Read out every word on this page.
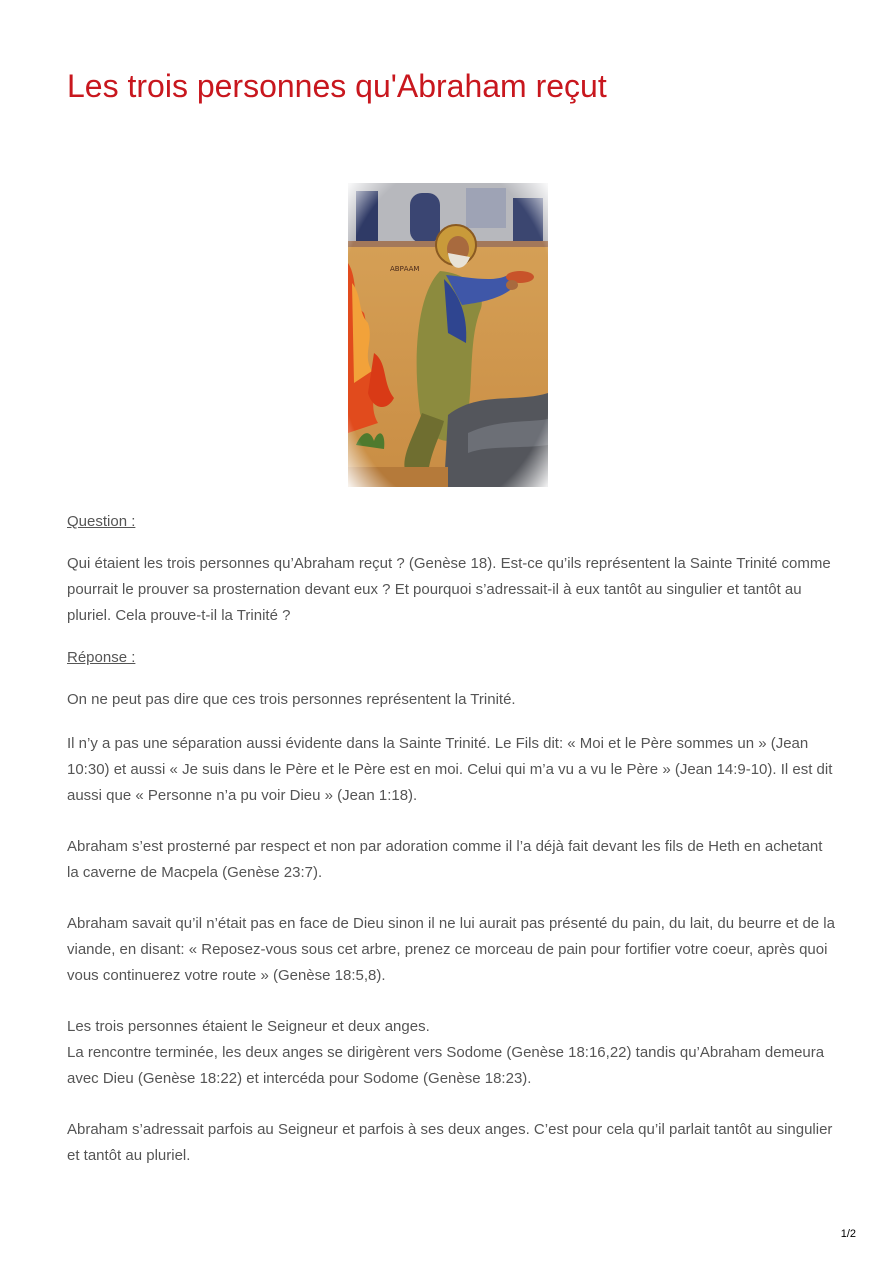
Les trois personnes qu'Abraham reçut

Question :

Qui étaient les trois personnes qu’Abraham reçut ? (Genèse 18). Est-ce qu’ils représentent la Sainte Trinité comme pourrait le prouver sa prosternation devant eux ? Et pourquoi s’adressait-il à eux tantôt au singulier et tantôt au pluriel. Cela prouve-t-il la Trinité ?

Réponse :

On ne peut pas dire que ces trois personnes représentent la Trinité.

Il n’y a pas une séparation aussi évidente dans la Sainte Trinité. Le Fils dit: « Moi et le Père sommes un » (Jean 10:30) et aussi « Je suis dans le Père et le Père est en moi. Celui qui m’a vu a vu le Père » (Jean 14:9-10). Il est dit aussi que « Personne n’a pu voir Dieu » (Jean 1:18).

Abraham s’est prosterné par respect et non par adoration comme il l’a déjà fait devant les fils de Heth en achetant la caverne de Macpela (Genèse 23:7).

Abraham savait qu’il n’était pas en face de Dieu sinon il ne lui aurait pas présenté du pain, du lait, du beurre et de la viande, en disant: « Reposez-vous sous cet arbre, prenez ce morceau de pain pour fortifier votre coeur, après quoi vous continuerez votre route » (Genèse 18:5,8).

Les trois personnes étaient le Seigneur et deux anges.

La rencontre terminée, les deux anges se dirigèrent vers Sodome (Genèse 18:16,22) tandis qu’Abraham demeura avec Dieu (Genèse 18:22) et intercéda pour Sodome (Genèse 18:23).

Abraham s’adressait parfois au Seigneur et parfois à ses deux anges. C’est pour cela qu’il parlait tantôt au singulier et tantôt au pluriel.

1/2
